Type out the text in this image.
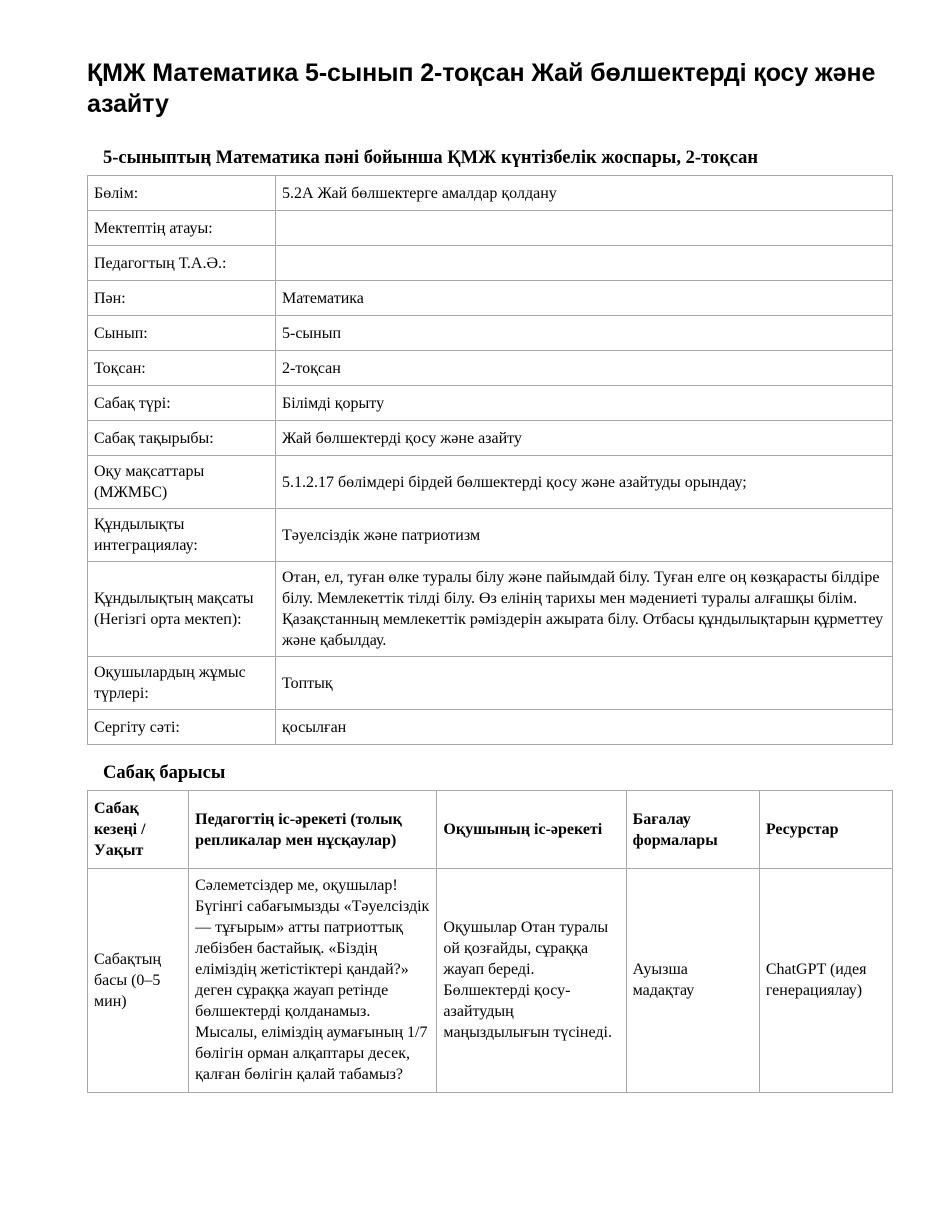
ҚМЖ Математика 5-сынып 2-тоқсан Жай бөлшектерді қосу және азайту
5-сыныптың Математика пәні бойынша ҚМЖ күнтізбелік жоспары, 2-тоқсан
Бөлім:	5.2А Жай бөлшектерге амалдар қолдану
Мектептің атауы:	
Педагогтың Т.А.Ә.:	
Пән:	Математика
Сынып:	5-сынып
Тоқсан:	2-тоқсан
Сабақ түрі:	Білімді қорыту
Сабақ тақырыбы:	Жай бөлшектерді қосу және азайту
Оқу мақсаттары (МЖМБС)	5.1.2.17 бөлімдері бірдей бөлшектерді қосу және азайтуды орындау;
Құндылықты интеграциялау:	Тәуелсіздік және патриотизм
Құндылықтың мақсаты (Негізгі орта мектеп):	Отан, ел, туған өлке туралы білу және пайымдай білу. Туған елге оң көзқарасты білдіре білу. Мемлекеттік тілді білу. Өз елінің тарихы мен мәдениеті туралы алғашқы білім. Қазақстанның мемлекеттік рәміздерін ажырата білу. Отбасы құндылықтарын құрметтеу және қабылдау.
Оқушылардың жұмыс түрлері:	Топтық
Сергіту сәті:	қосылған
Сабақ барысы
Сабақ кезеңі / Уақыт	Педагогтің іс-әрекеті (толық репликалар мен нұсқаулар)	Оқушының іс-әрекеті	Бағалау формалары	Ресурстар
Сабақтың басы (0–5 мин)	Сәлеметсіздер ме, оқушылар! Бүгінгі сабағымызды «Тәуелсіздік — тұғырым» атты патриоттық лебізбен бастайық. «Біздің еліміздің жетістіктері қандай?» деген сұраққа жауап ретінде бөлшектерді қолданамыз. Мысалы, еліміздің аумағының 1/7 бөлігін орман алқаптары десек, қалған бөлігін қалай табамыз?	Оқушылар Отан туралы ой қозғайды, сұраққа жауап береді. Бөлшектерді қосу-азайтудың маңыздылығын түсінеді.	Ауызша мадақтау	ChatGPT (идея генерациялау)
